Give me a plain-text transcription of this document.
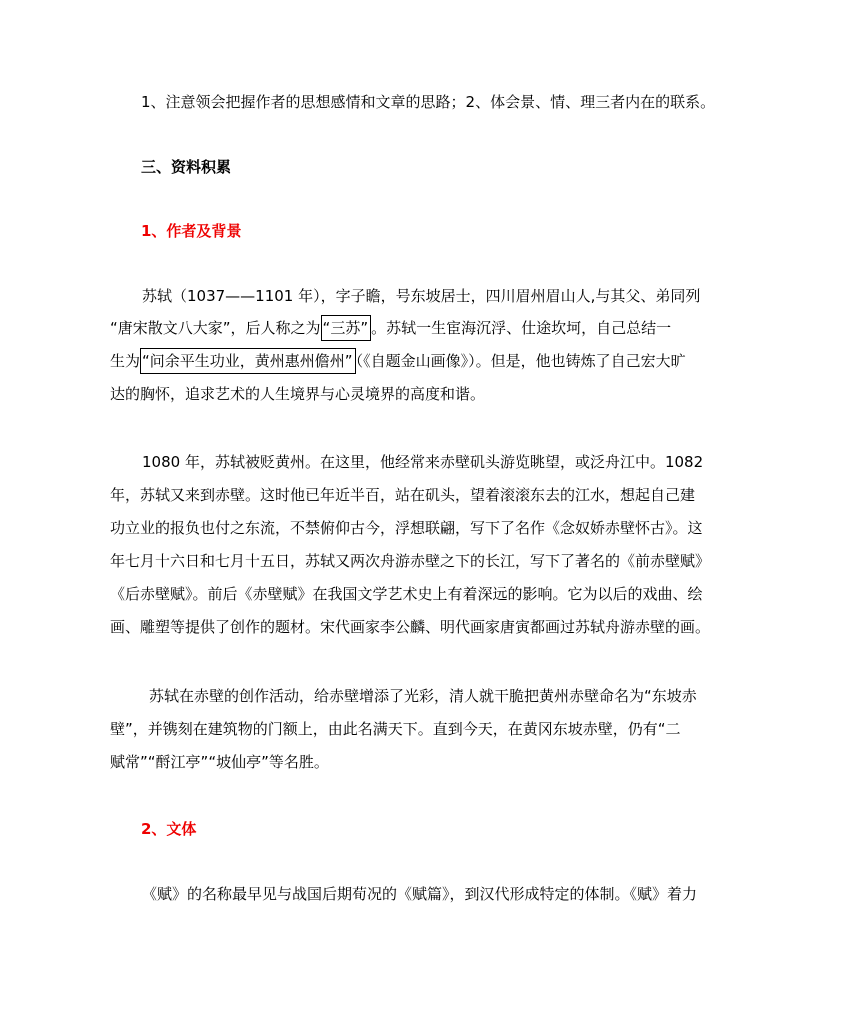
1、注意领会把握作者的思想感情和文章的思路；2、体会景、情、理三者内在的联系。
三、资料积累
1、作者及背景
苏轼（1037——1101 年），字子瞻，号东坡居士，四川眉州眉山人,与其父、弟同列
“唐宋散文八大家”，后人称之为 “三苏” 。苏轼一生宦海沉浮、仕途坎坷，自己总结一
生为 “问余平生功业，黄州惠州儋州” （《自题金山画像》）。但是，他也铸炼了自己宏大旷
达的胸怀，追求艺术的人生境界与心灵境界的高度和谐。
1080 年，苏轼被贬黄州。在这里，他经常来赤壁矶头游览眺望，或泛舟江中。1082
年，苏轼又来到赤壁。这时他已年近半百，站在矶头，望着滚滚东去的江水，想起自己建
功立业的报负也付之东流，不禁俯仰古今，浮想联翩，写下了名作《念奴娇赤壁怀古》。这
年七月十六日和七月十五日，苏轼又两次舟游赤壁之下的长江，写下了著名的《前赤壁赋》
《后赤壁赋》。前后《赤壁赋》在我国文学艺术史上有着深远的影响。它为以后的戏曲、绘
画、雕塑等提供了创作的题材。宋代画家李公麟、明代画家唐寅都画过苏轼舟游赤壁的画。
苏轼在赤壁的创作活动，给赤壁增添了光彩，清人就干脆把黄州赤壁命名为“东坡赤
壁”，并镌刻在建筑物的门额上，由此名满天下。直到今天，在黄冈东坡赤壁，仍有“二
赋常”“酹江亭”“坡仙亭”等名胜。
2、文体
《赋》的名称最早见与战国后期荀况的《赋篇》，到汉代形成特定的体制。《赋》着力
